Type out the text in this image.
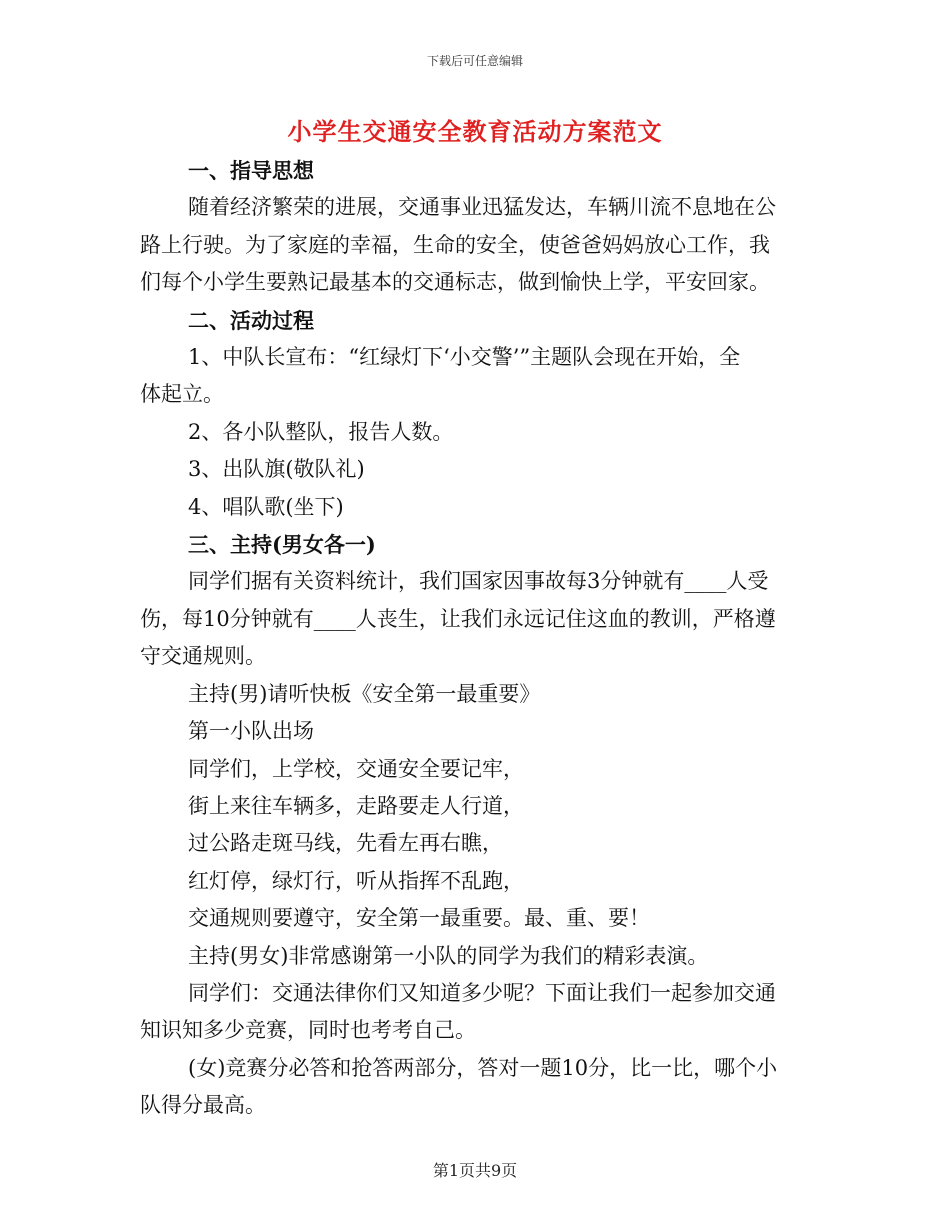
下载后可任意编辑
小学生交通安全教育活动方案范文
一、指导思想
随着经济繁荣的进展，交通事业迅猛发达，车辆川流不息地在公
路上行驶。为了家庭的幸福，生命的安全，使爸爸妈妈放心工作，我
们每个小学生要熟记最基本的交通标志，做到愉快上学，平安回家。
二、活动过程
1、中队长宣布：“红绿灯下‘小交警’”主题队会现在开始，全
体起立。
2、各小队整队，报告人数。
3、出队旗(敬队礼)
4、唱队歌(坐下)
三、主持(男女各一)
同学们据有关资料统计，我们国家因事故每3分钟就有____人受
伤，每10分钟就有____人丧生，让我们永远记住这血的教训，严格遵
守交通规则。
主持(男)请听快板《安全第一最重要》
第一小队出场
同学们，上学校，交通安全要记牢，
街上来往车辆多，走路要走人行道，
过公路走斑马线，先看左再右瞧，
红灯停，绿灯行，听从指挥不乱跑，
交通规则要遵守，安全第一最重要。最、重、要！
主持(男女)非常感谢第一小队的同学为我们的精彩表演。
同学们：交通法律你们又知道多少呢？下面让我们一起参加交通
知识知多少竞赛，同时也考考自己。
(女)竞赛分必答和抢答两部分，答对一题10分，比一比，哪个小
队得分最高。
第1页共9页
